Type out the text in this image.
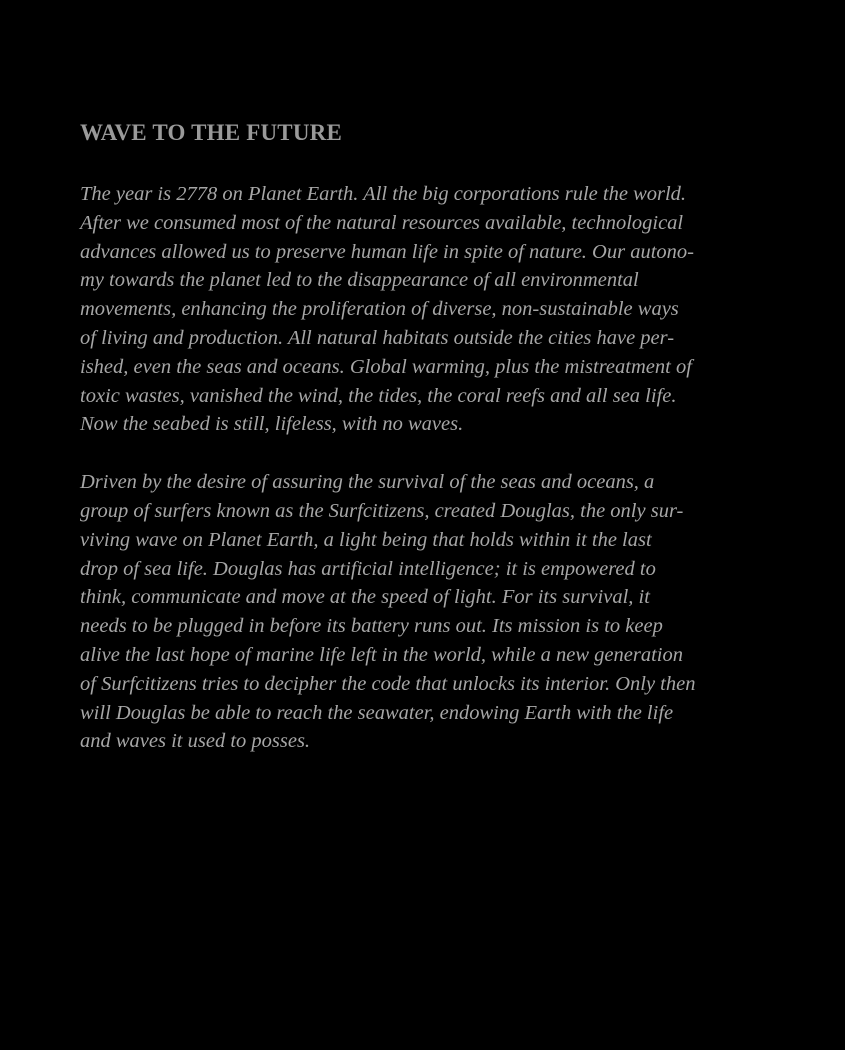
WAVE TO THE FUTURE

The year is 2778 on Planet Earth. All the big corporations rule the world.
After we consumed most of the natural resources available, technological
advances allowed us to preserve human life in spite of nature. Our autono-
my towards the planet led to the disappearance of all environmental
movements, enhancing the proliferation of diverse, non-sustainable ways
of living and production. All natural habitats outside the cities have per-
ished, even the seas and oceans. Global warming, plus the mistreatment of
toxic wastes, vanished the wind, the tides, the coral reefs and all sea life.
Now the seabed is still, lifeless, with no waves.

Driven by the desire of assuring the survival of the seas and oceans, a
group of surfers known as the Surfcitizens, created Douglas, the only sur-
viving wave on Planet Earth, a light being that holds within it the last
drop of sea life. Douglas has artificial intelligence; it is empowered to
think, communicate and move at the speed of light. For its survival, it
needs to be plugged in before its battery runs out. Its mission is to keep
alive the last hope of marine life left in the world, while a new generation
of Surfcitizens tries to decipher the code that unlocks its interior. Only then
will Douglas be able to reach the seawater, endowing Earth with the life
and waves it used to posses.
